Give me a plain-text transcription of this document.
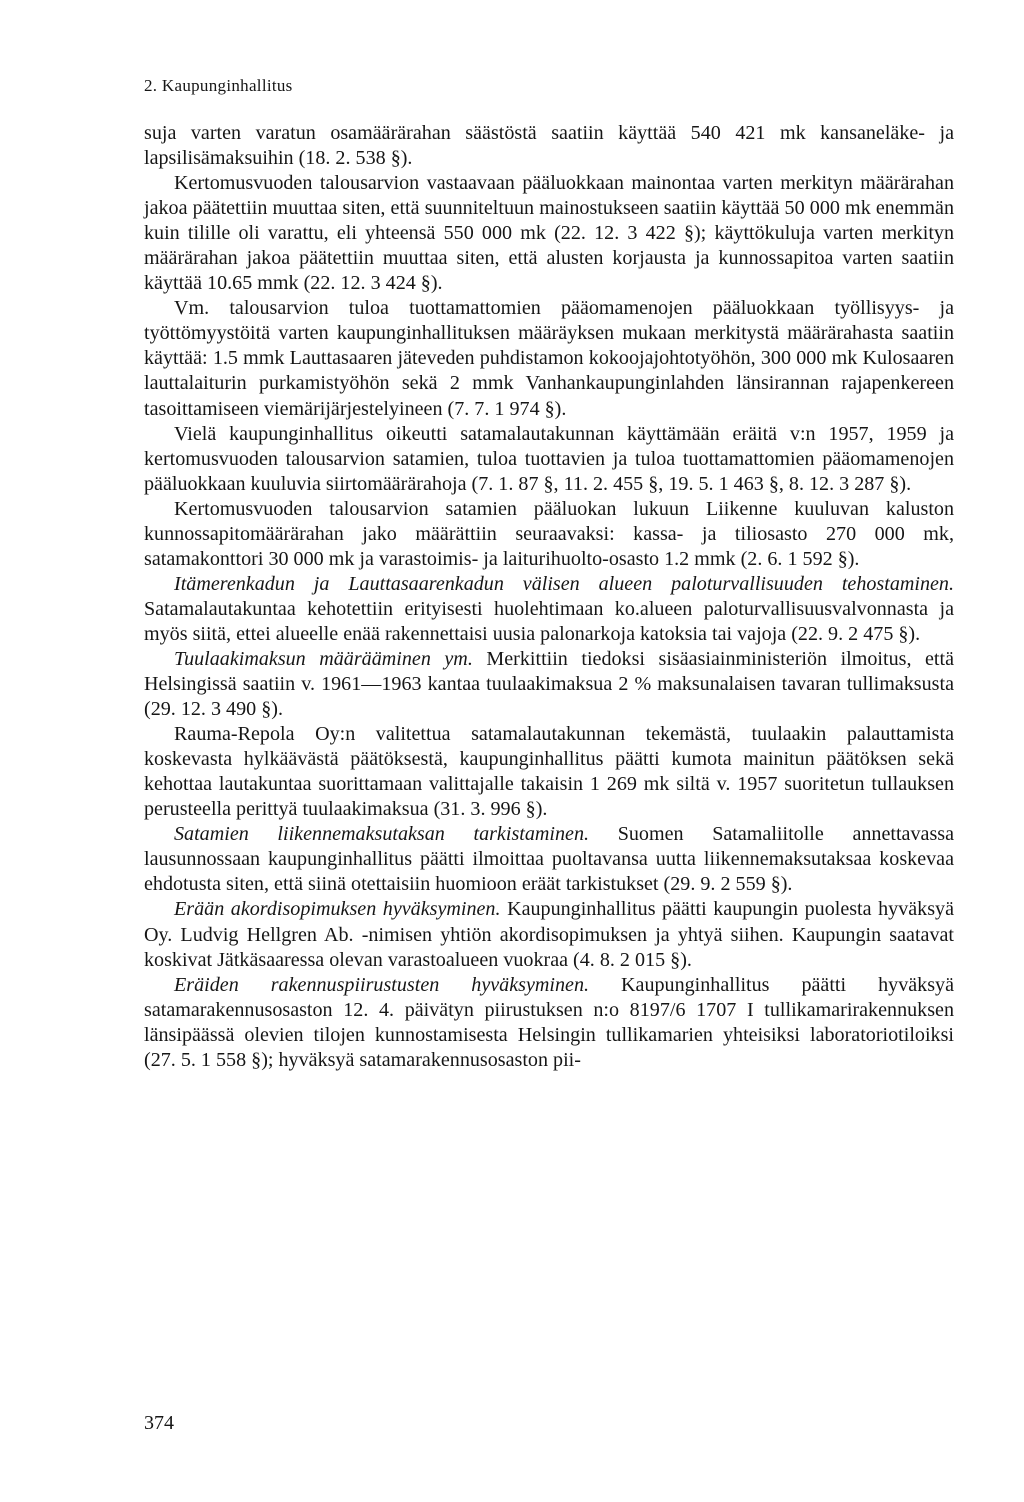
2. Kaupunginhallitus

suja varten varatun osamäärärahan säästöstä saatiin käyttää 540 421 mk kansaneläke- ja lapsilisämaksuihin (18. 2. 538 §).

Kertomusvuoden talousarvion vastaavaan pääluokkaan mainontaa varten merkityn määrärahan jakoa päätettiin muuttaa siten, että suunniteltuun mainostukseen saatiin käyttää 50 000 mk enemmän kuin tilille oli varattu, eli yhteensä 550 000 mk (22. 12. 3 422 §); käyttökuluja varten merkityn määrärahan jakoa päätettiin muuttaa siten, että alusten korjausta ja kunnossapitoa varten saatiin käyttää 10.65 mmk (22. 12. 3 424 §).

Vm. talousarvion tuloa tuottamattomien pääomamenojen pääluokkaan työllisyys- ja työttömyystöitä varten kaupunginhallituksen määräyksen mukaan merkitystä määrärahasta saatiin käyttää: 1.5 mmk Lauttasaaren jäteveden puhdistamon kokoojajohtotyöhön, 300 000 mk Kulosaaren lauttalaiturin purkamistyöhön sekä 2 mmk Vanhankaupunginlahden länsirannan rajapenkereen tasoittamiseen viemärijärjestelyineen (7. 7. 1 974 §).

Vielä kaupunginhallitus oikeutti satamalautakunnan käyttämään eräitä v:n 1957, 1959 ja kertomusvuoden talousarvion satamien, tuloa tuottavien ja tuloa tuottamattomien pääomamenojen pääluokkaan kuuluvia siirtomäärärahoja (7. 1. 87 §, 11. 2. 455 §, 19. 5. 1 463 §, 8. 12. 3 287 §).

Kertomusvuoden talousarvion satamien pääluokan lukuun Liikenne kuuluvan kaluston kunnossapitomäärärahan jako määrättiin seuraavaksi: kassa- ja tiliosasto 270 000 mk, satamakonttori 30 000 mk ja varastoimis- ja laiturihuolto-osasto 1.2 mmk (2. 6. 1 592 §).

Itämerenkadun ja Lauttasaarenkadun välisen alueen paloturvallisuuden tehostaminen. Satamalautakuntaa kehotettiin erityisesti huolehtimaan ko.alueen paloturvallisuusvalvonnasta ja myös siitä, ettei alueelle enää rakennettaisi uusia palonarkoja katoksia tai vajoja (22. 9. 2 475 §).

Tuulaakimaksun määrääminen ym. Merkittiin tiedoksi sisäasiainministeriön ilmoitus, että Helsingissä saatiin v. 1961—1963 kantaa tuulaakimaksua 2 % maksunalaisen tavaran tullimaksusta (29. 12. 3 490 §).

Rauma-Repola Oy:n valitettua satamalautakunnan tekemästä, tuulaakin palauttamista koskevasta hylkäävästä päätöksestä, kaupunginhallitus päätti kumota mainitun päätöksen sekä kehottaa lautakuntaa suorittamaan valittajalle takaisin 1 269 mk siltä v. 1957 suoritetun tullauksen perusteella perittyä tuulaakimaksua (31. 3. 996 §).

Satamien liikennemaksutaksan tarkistaminen. Suomen Satamaliitolle annettavassa lausunnossaan kaupunginhallitus päätti ilmoittaa puoltavansa uutta liikennemaksutaksaa koskevaa ehdotusta siten, että siinä otettaisiin huomioon eräät tarkistukset (29. 9. 2 559 §).

Erään akordisopimuksen hyväksyminen. Kaupunginhallitus päätti kaupungin puolesta hyväksyä Oy. Ludvig Hellgren Ab. -nimisen yhtiön akordisopimuksen ja yhtyä siihen. Kaupungin saatavat koskivat Jätkäsaaressa olevan varastoalueen vuokraa (4. 8. 2 015 §).

Eräiden rakennuspiirustusten hyväksyminen. Kaupunginhallitus päätti hyväksyä satamarakennusosaston 12. 4. päivätyn piirustuksen n:o 8197/6 1707 I tullikamarirakennuksen länsipäässä olevien tilojen kunnostamisesta Helsingin tullikamarien yhteisiksi laboratoriotiloiksi (27. 5. 1 558 §); hyväksyä satamarakennusosaston pii-

374
